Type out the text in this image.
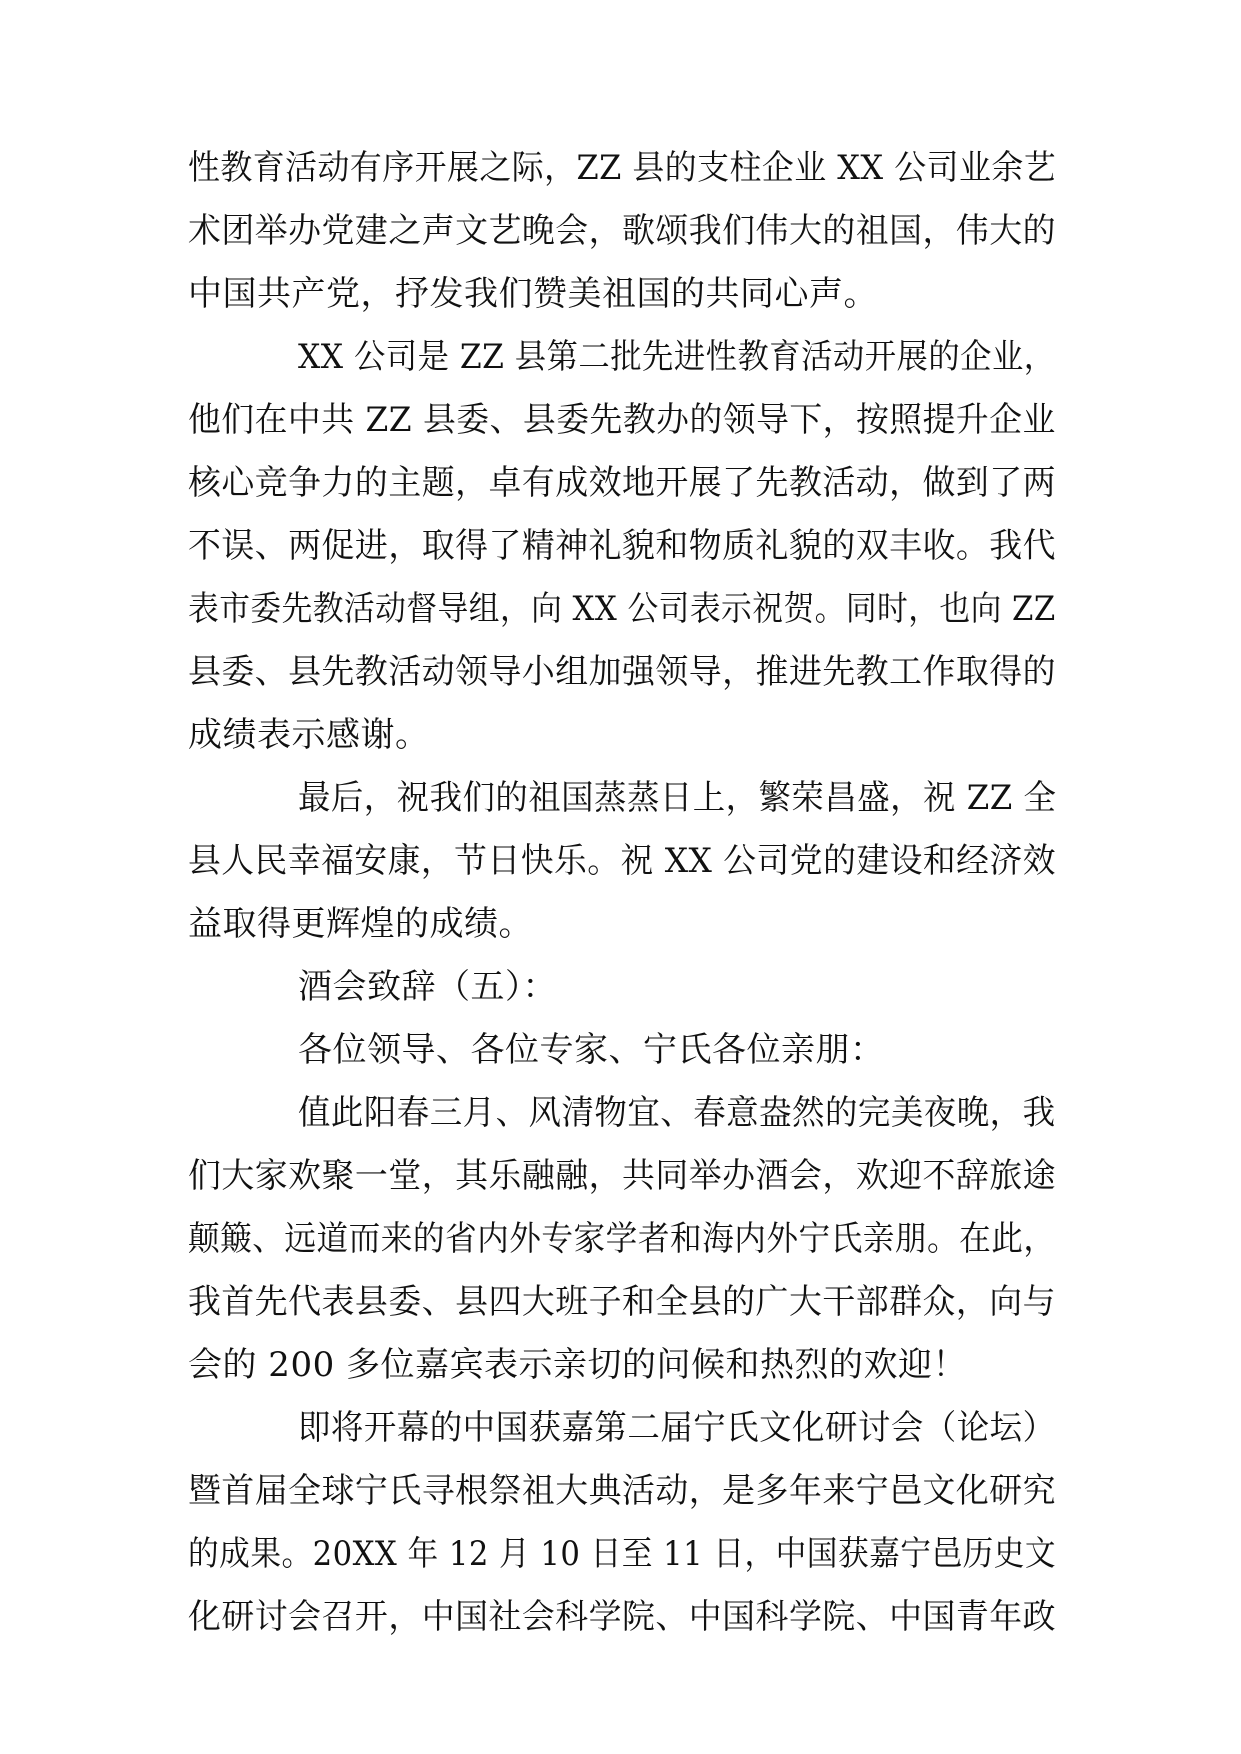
性教育活动有序开展之际，ZZ 县的支柱企业 XX 公司业余艺
术团举办党建之声文艺晚会，歌颂我们伟大的祖国，伟大的
中国共产党，抒发我们赞美祖国的共同心声。
XX 公司是 ZZ 县第二批先进性教育活动开展的企业，
他们在中共 ZZ 县委、县委先教办的领导下，按照提升企业
核心竞争力的主题，卓有成效地开展了先教活动，做到了两
不误、两促进，取得了精神礼貌和物质礼貌的双丰收。我代
表市委先教活动督导组，向 XX 公司表示祝贺。同时，也向 ZZ
县委、县先教活动领导小组加强领导，推进先教工作取得的
成绩表示感谢。
最后，祝我们的祖国蒸蒸日上，繁荣昌盛，祝 ZZ 全
县人民幸福安康，节日快乐。祝 XX 公司党的建设和经济效
益取得更辉煌的成绩。
酒会致辞（五）：
各位领导、各位专家、宁氏各位亲朋：
值此阳春三月、风清物宜、春意盎然的完美夜晚，我
们大家欢聚一堂，其乐融融，共同举办酒会，欢迎不辞旅途
颠簸、远道而来的省内外专家学者和海内外宁氏亲朋。在此，
我首先代表县委、县四大班子和全县的广大干部群众，向与
会的 200 多位嘉宾表示亲切的问候和热烈的欢迎！
即将开幕的中国获嘉第二届宁氏文化研讨会（论坛）
暨首届全球宁氏寻根祭祖大典活动，是多年来宁邑文化研究
的成果。20XX 年 12 月 10 日至 11 日，中国获嘉宁邑历史文
化研讨会召开，中国社会科学院、中国科学院、中国青年政
